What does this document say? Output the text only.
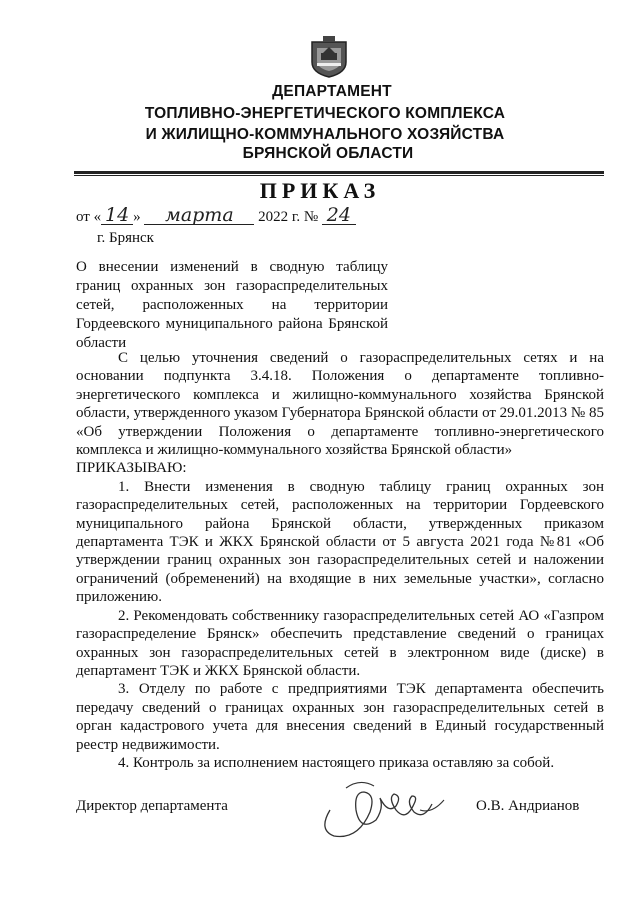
ДЕПАРТАМЕНТ
ТОПЛИВНО-ЭНЕРГЕТИЧЕСКОГО КОМПЛЕКСА
И ЖИЛИЩНО-КОММУНАЛЬНОГО ХОЗЯЙСТВА
БРЯНСКОЙ ОБЛАСТИ
ПРИКАЗ
от « 14 » марта 2022 г. № 24
г. Брянск
О внесении изменений в сводную таблицу границ охранных зон газораспределительных сетей, расположенных на территории Гордеевского муниципального района Брянской области

С целью уточнения сведений о газораспределительных сетях и на основании подпункта 3.4.18. Положения о департаменте топливно-энергетического комплекса и жилищно-коммунального хозяйства Брянской области, утвержденного указом Губернатора Брянской области от 29.01.2013 № 85 «Об утверждении Положения о департаменте топливно-энергетического комплекса и жилищно-коммунального хозяйства Брянской области»

ПРИКАЗЫВАЮ:

1. Внести изменения в сводную таблицу границ охранных зон газораспределительных сетей, расположенных на территории Гордеевского муниципального района Брянской области, утвержденных приказом департамента ТЭК и ЖКХ Брянской области от 5 августа 2021 года №81 «Об утверждении границ охранных зон газораспределительных сетей и наложении ограничений (обременений) на входящие в них земельные участки», согласно приложению.

2. Рекомендовать собственнику газораспределительных сетей АО «Газпром газораспределение Брянск» обеспечить представление сведений о границах охранных зон газораспределительных сетей в электронном виде (диске) в департамент ТЭК и ЖКХ Брянской области.

3. Отделу по работе с предприятиями ТЭК департамента обеспечить передачу сведений о границах охранных зон газораспределительных сетей в орган кадастрового учета для внесения сведений в Единый государственный реестр недвижимости.

4. Контроль за исполнением настоящего приказа оставляю за собой.

Директор департамента	О.В. Андрианов
